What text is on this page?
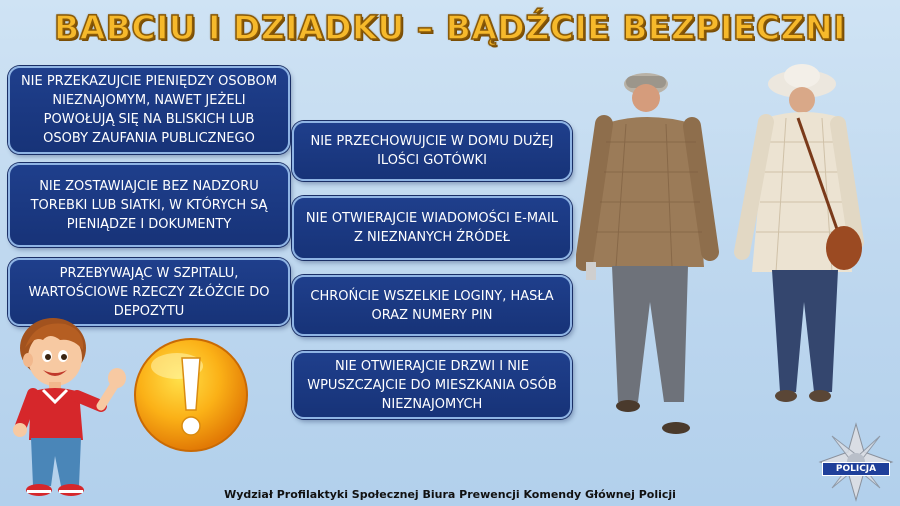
BABCIU I DZIADKU – BĄDŹCIE BEZPIECZNI
NIE PRZEKAZUJCIE PIENIĘDZY OSOBOM NIEZNAJOMYM, NAWET JEŻELI POWOŁUJĄ SIĘ NA BLISKICH LUB OSOBY ZAUFANIA PUBLICZNEGO
NIE ZOSTAWIAJCIE BEZ NADZORU TOREBKI LUB SIATKI, W KTÓRYCH SĄ PIENIĄDZE I DOKUMENTY
PRZEBYWAJĄC W SZPITALU, WARTOŚCIOWE RZECZY ZŁÓŻCIE DO DEPOZYTU
NIE PRZECHOWUJCIE W DOMU DUŻEJ ILOŚCI GOTÓWKI
NIE OTWIERAJCIE WIADOMOŚCI E-MAIL Z NIEZNANYCH ŹRÓDEŁ
CHROŃCIE WSZELKIE LOGINY, HASŁA ORAZ NUMERY PIN
NIE OTWIERAJCIE DRZWI I NIE WPUSZCZAJCIE DO MIESZKANIA OSÓB NIEZNAJOMYCH
POLICJA
Wydział Profilaktyki Społecznej Biura Prewencji Komendy Głównej Policji
